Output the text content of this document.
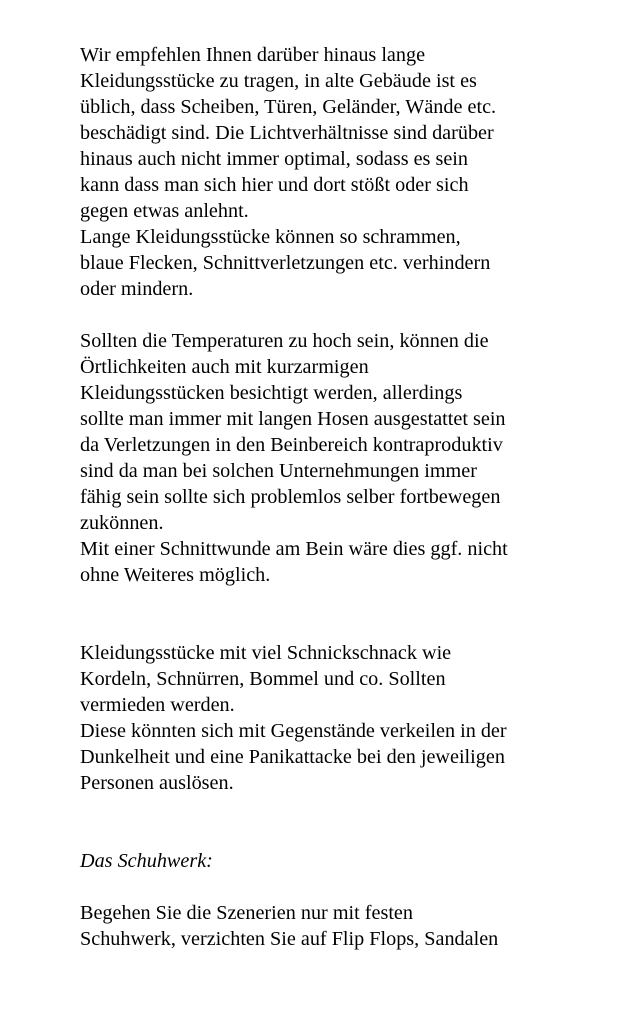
Wir empfehlen Ihnen darüber hinaus lange
Kleidungsstücke zu tragen, in alte Gebäude ist es
üblich, dass Scheiben, Türen, Geländer, Wände etc.
beschädigt sind. Die Lichtverhältnisse sind darüber
hinaus auch nicht immer optimal, sodass es sein
kann dass man sich hier und dort stößt oder sich
gegen etwas anlehnt.
Lange Kleidungsstücke können so schrammen,
blaue Flecken, Schnittverletzungen etc. verhindern
oder mindern.
Sollten die Temperaturen zu hoch sein, können die
Örtlichkeiten auch mit kurzarmigen
Kleidungsstücken besichtigt werden, allerdings
sollte man immer mit langen Hosen ausgestattet sein
da Verletzungen in den Beinbereich kontraproduktiv
sind da man bei solchen Unternehmungen immer
fähig sein sollte sich problemlos selber fortbewegen
zukönnen.
Mit einer Schnittwunde am Bein wäre dies ggf. nicht
ohne Weiteres möglich.
Kleidungsstücke mit viel Schnickschnack wie
Kordeln, Schnürren, Bommel und co. Sollten
vermieden werden.
Diese könnten sich mit Gegenstände verkeilen in der
Dunkelheit und eine Panikattacke bei den jeweiligen
Personen auslösen.
Das Schuhwerk:
Begehen Sie die Szenerien nur mit festen
Schuhwerk, verzichten Sie auf Flip Flops, Sandalen
